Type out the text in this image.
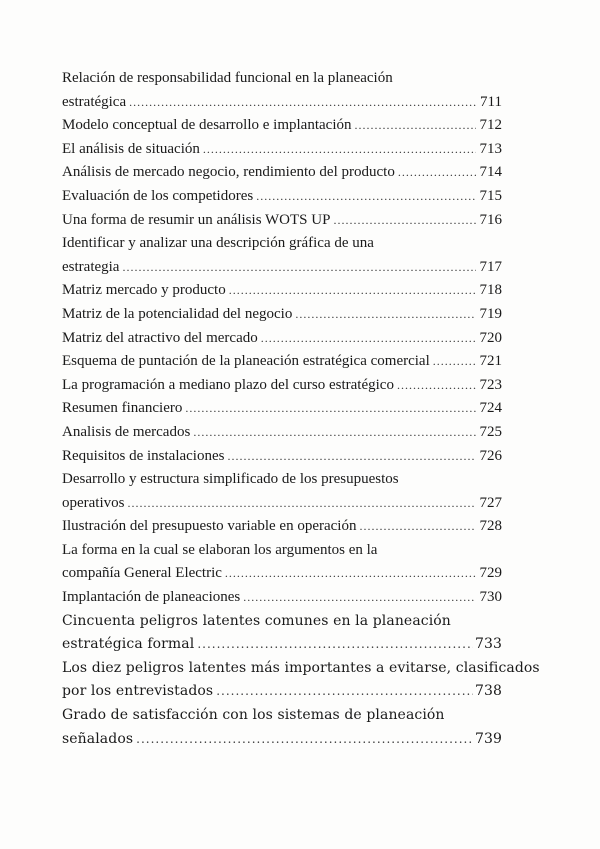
Relación de responsabilidad funcional en la planeación
estratégica .....	711
Modelo conceptual de desarrollo e implantación .....	712
El análisis de situación .....	713
Análisis de mercado negocio, rendimiento del producto .....	714
Evaluación de los competidores .....	715
Una forma de resumir un análisis WOTS UP .....	716
Identificar y analizar una descripción gráfica de una
estrategia .....	717
Matriz mercado y producto .....	718
Matriz de la potencialidad del negocio .....	719
Matriz del atractivo del mercado .....	720
Esquema de puntación de la planeación estratégica comercial .....	721
La programación a mediano plazo del curso estratégico .....	723
Resumen financiero .....	724
Analisis de mercados .....	725
Requisitos de instalaciones .....	726
Desarrollo y estructura simplificado de los presupuestos
operativos .....	727
Ilustración del presupuesto variable en operación .....	728
La forma en la cual se elaboran los argumentos en la
compañía General Electric .....	729
Implantación de planeaciones .....	730
Cincuenta peligros latentes comunes en la planeación
estratégica formal .....	733
Los diez peligros latentes más importantes a evitarse, clasificados
por los entrevistados .....	738
Grado de satisfacción con los sistemas de planeación
señalados .....	739
